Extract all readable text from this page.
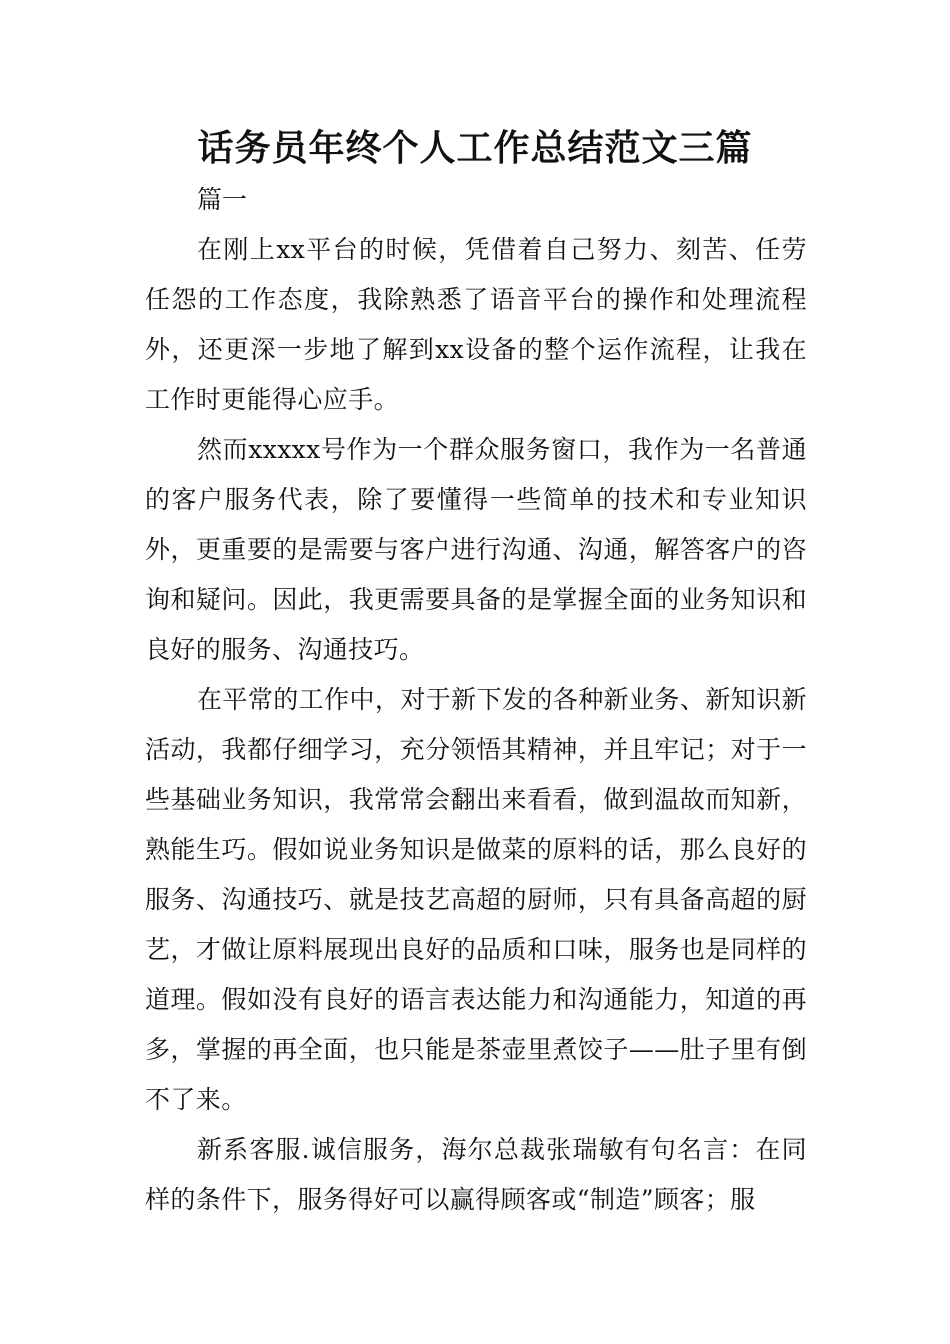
话务员年终个人工作总结范文三篇

篇一

在刚上xx平台的时候，凭借着自己努力、刻苦、任劳任怨的工作态度，我除熟悉了语音平台的操作和处理流程外，还更深一步地了解到xx设备的整个运作流程，让我在工作时更能得心应手。

然而xxxxx号作为一个群众服务窗口，我作为一名普通的客户服务代表，除了要懂得一些简单的技术和专业知识外，更重要的是需要与客户进行沟通、沟通，解答客户的咨询和疑问。因此，我更需要具备的是掌握全面的业务知识和良好的服务、沟通技巧。

在平常的工作中，对于新下发的各种新业务、新知识新活动，我都仔细学习，充分领悟其精神，并且牢记；对于一些基础业务知识，我常常会翻出来看看，做到温故而知新，熟能生巧。假如说业务知识是做菜的原料的话，那么良好的服务、沟通技巧、就是技艺高超的厨师，只有具备高超的厨艺，才做让原料展现出良好的品质和口味，服务也是同样的道理。假如没有良好的语言表达能力和沟通能力，知道的再多，掌握的再全面，也只能是茶壶里煮饺子——肚子里有倒不了来。

新系客服.诚信服务，海尔总裁张瑞敏有句名言：在同样的条件下，服务得好可以赢得顾客或“制造”顾客；服
